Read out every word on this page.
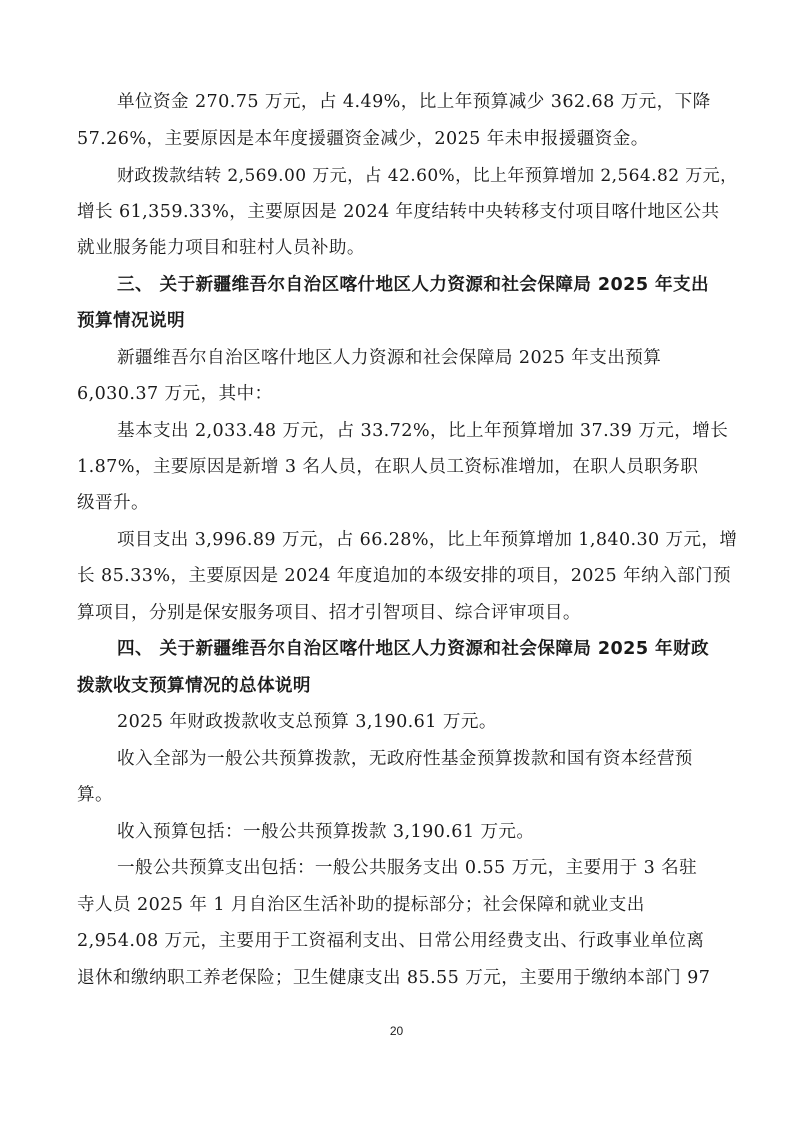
单位资金 270.75 万元，占 4.49%，比上年预算减少 362.68 万元，下降
57.26%，主要原因是本年度援疆资金减少，2025 年未申报援疆资金。
财政拨款结转 2,569.00 万元，占 42.60%，比上年预算增加 2,564.82 万元，
增长 61,359.33%，主要原因是 2024 年度结转中央转移支付项目喀什地区公共
就业服务能力项目和驻村人员补助。
三、 关于新疆维吾尔自治区喀什地区人力资源和社会保障局 2025 年支出
预算情况说明
新疆维吾尔自治区喀什地区人力资源和社会保障局 2025 年支出预算
6,030.37 万元，其中：
基本支出 2,033.48 万元，占 33.72%，比上年预算增加 37.39 万元，增长
1.87%，主要原因是新增 3 名人员，在职人员工资标准增加，在职人员职务职
级晋升。
项目支出 3,996.89 万元，占 66.28%，比上年预算增加 1,840.30 万元，增
长 85.33%，主要原因是 2024 年度追加的本级安排的项目，2025 年纳入部门预
算项目，分别是保安服务项目、招才引智项目、综合评审项目。
四、 关于新疆维吾尔自治区喀什地区人力资源和社会保障局 2025 年财政
拨款收支预算情况的总体说明
2025 年财政拨款收支总预算 3,190.61 万元。
收入全部为一般公共预算拨款，无政府性基金预算拨款和国有资本经营预
算。
收入预算包括：一般公共预算拨款 3,190.61 万元。
一般公共预算支出包括：一般公共服务支出 0.55 万元，主要用于 3 名驻
寺人员 2025 年 1 月自治区生活补助的提标部分；社会保障和就业支出
2,954.08 万元，主要用于工资福利支出、日常公用经费支出、行政事业单位离
退休和缴纳职工养老保险；卫生健康支出 85.55 万元，主要用于缴纳本部门 97
20
